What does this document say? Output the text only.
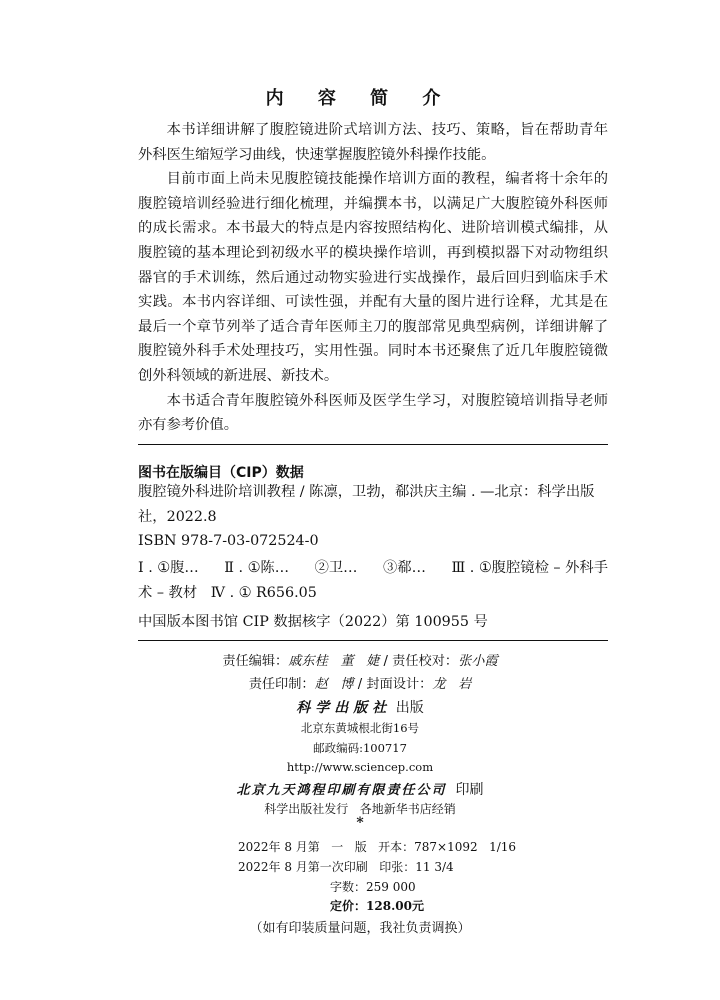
内 容 简 介

本书详细讲解了腹腔镜进阶式培训方法、技巧、策略，旨在帮助青年外科医生缩短学习曲线，快速掌握腹腔镜外科操作技能。

目前市面上尚未见腹腔镜技能操作培训方面的教程，编者将十余年的腹腔镜培训经验进行细化梳理，并编撰本书，以满足广大腹腔镜外科医师的成长需求。本书最大的特点是内容按照结构化、进阶培训模式编排，从腹腔镜的基本理论到初级水平的模块操作培训，再到模拟器下对动物组织器官的手术训练，然后通过动物实验进行实战操作，最后回归到临床手术实践。本书内容详细、可读性强，并配有大量的图片进行诠释，尤其是在最后一个章节列举了适合青年医师主刀的腹部常见典型病例，详细讲解了腹腔镜外科手术处理技巧，实用性强。同时本书还聚焦了近几年腹腔镜微创外科领域的新进展、新技术。

本书适合青年腹腔镜外科医师及医学生学习，对腹腔镜培训指导老师亦有参考价值。

图书在版编目（CIP）数据

腹腔镜外科进阶培训教程 / 陈凛，卫勃，郗洪庆主编 . —北京：科学出版社，2022.8

ISBN 978-7-03-072524-0

Ⅰ . ①腹… Ⅱ . ①陈… ②卫… ③郗… Ⅲ . ①腹腔镜检 – 外科手

术 – 教材   Ⅳ . ① R656.05

中国版本图书馆 CIP 数据核字（2022）第 100955 号

责任编辑：戚东桂   董   婕 / 责任校对：张小霞
责任印制：赵   博 / 封面设计：龙   岩
科学出版社 出版
北京东黄城根北街16号
邮政编码:100717
http://www.sciencep.com
北京九天鸿程印刷有限责任公司  印刷
科学出版社发行   各地新华书店经销
*
2022年 8 月第   一   版   开本：787×1092   1/16
2022年 8 月第一次印刷   印张：11 3/4
字数：259 000
定价：128.00元
（如有印装质量问题，我社负责调换）
